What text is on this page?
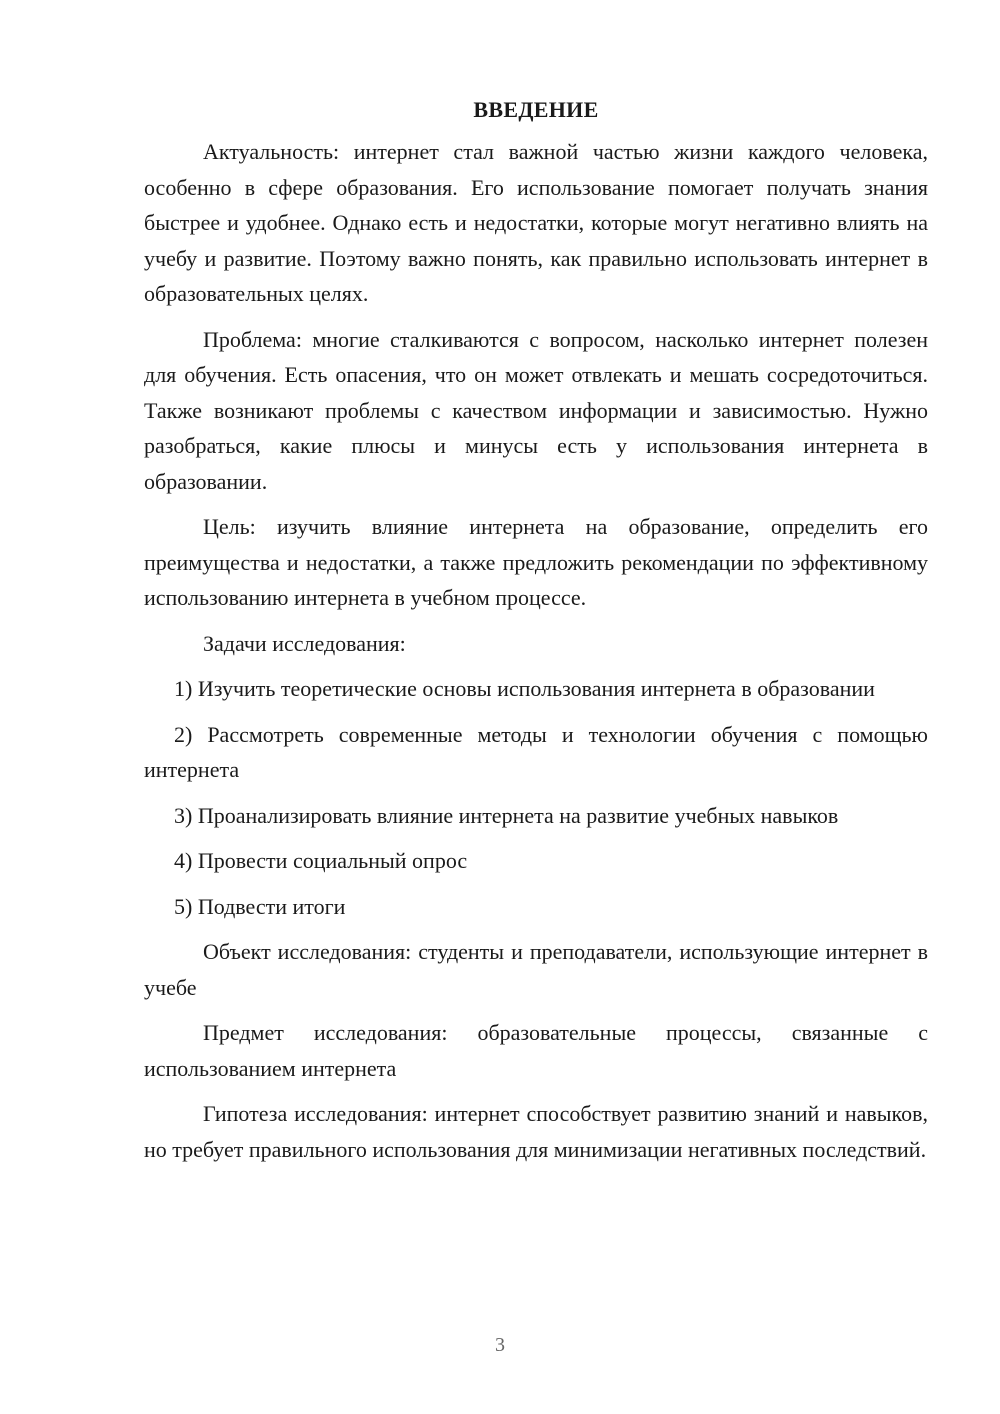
ВВЕДЕНИЕ

Актуальность: интернет стал важной частью жизни каждого человека, особенно в сфере образования. Его использование помогает получать знания быстрее и удобнее. Однако есть и недостатки, которые могут негативно влиять на учебу и развитие. Поэтому важно понять, как правильно использовать интернет в образовательных целях.

Проблема: многие сталкиваются с вопросом, насколько интернет полезен для обучения. Есть опасения, что он может отвлекать и мешать сосредоточиться. Также возникают проблемы с качеством информации и зависимостью. Нужно разобраться, какие плюсы и минусы есть у использования интернета в образовании.

Цель: изучить влияние интернета на образование, определить его преимущества и недостатки, а также предложить рекомендации по эффективному использованию интернета в учебном процессе.

Задачи исследования:

1) Изучить теоретические основы использования интернета в образовании

2) Рассмотреть современные методы и технологии обучения с помощью интернета

3) Проанализировать влияние интернета на развитие учебных навыков

4) Провести социальный опрос

5) Подвести итоги

Объект исследования: студенты и преподаватели, использующие интернет в учебе

Предмет исследования: образовательные процессы, связанные с использованием интернета

Гипотеза исследования: интернет способствует развитию знаний и навыков, но требует правильного использования для минимизации негативных последствий.

3
